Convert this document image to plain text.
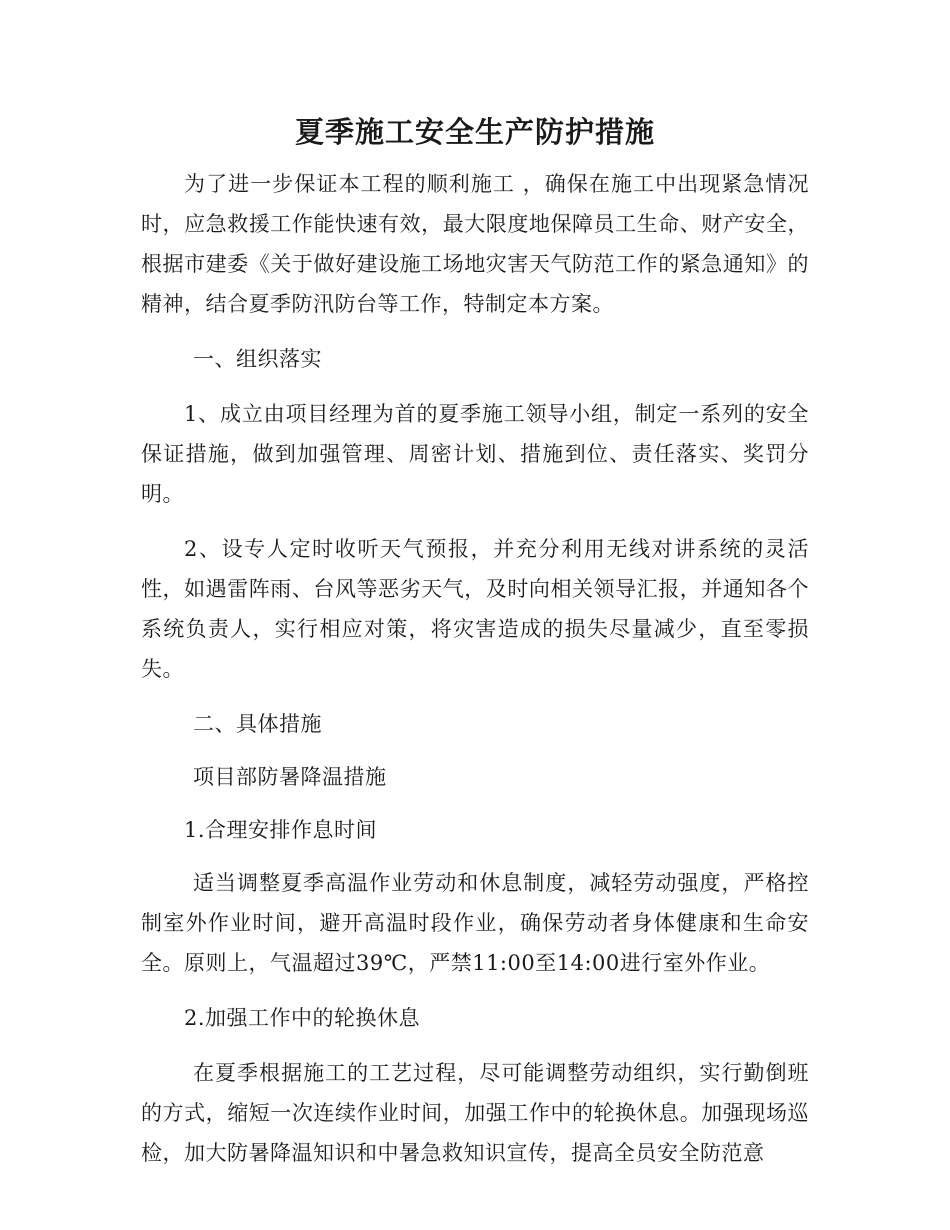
夏季施工安全生产防护措施

为了进一步保证本工程的顺利施工 ，确保在施工中出现紧急情况时，应急救援工作能快速有效，最大限度地保障员工生命、财产安全，根据市建委《关于做好建设施工场地灾害天气防范工作的紧急通知》的精神，结合夏季防汛防台等工作，特制定本方案。

一、组织落实

1、成立由项目经理为首的夏季施工领导小组，制定一系列的安全保证措施，做到加强管理、周密计划、措施到位、责任落实、奖罚分明。

2、设专人定时收听天气预报，并充分利用无线对讲系统的灵活性，如遇雷阵雨、台风等恶劣天气，及时向相关领导汇报，并通知各个系统负责人，实行相应对策，将灾害造成的损失尽量减少，直至零损失。

二、具体措施

项目部防暑降温措施

1.合理安排作息时间

适当调整夏季高温作业劳动和休息制度，减轻劳动强度，严格控制室外作业时间，避开高温时段作业，确保劳动者身体健康和生命安全。原则上，气温超过39℃，严禁11:00至14:00进行室外作业。

2.加强工作中的轮换休息

在夏季根据施工的工艺过程，尽可能调整劳动组织，实行勤倒班的方式，缩短一次连续作业时间，加强工作中的轮换休息。加强现场巡检，加大防暑降温知识和中暑急救知识宣传，提高全员安全防范意
